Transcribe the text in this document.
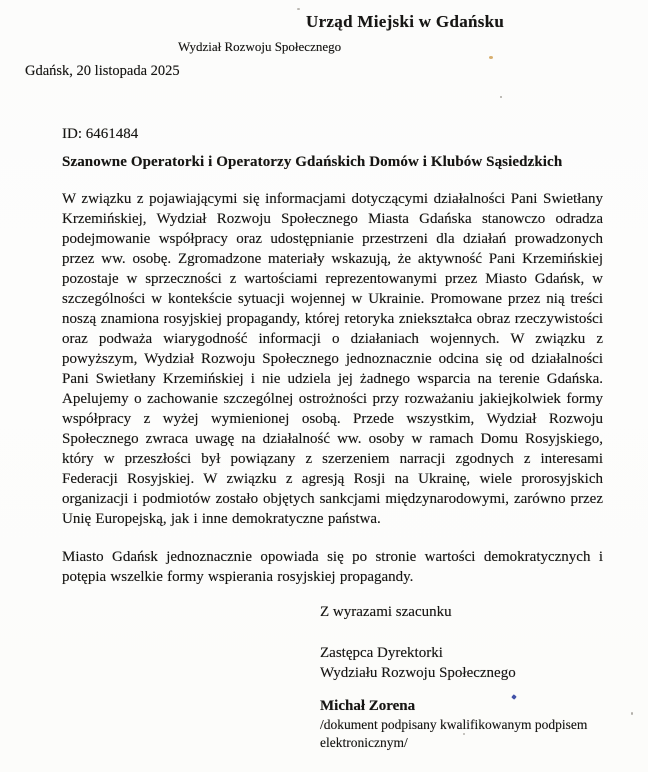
Urząd Miejski w Gdańsku
Wydział Rozwoju Społecznego
Gdańsk, 20 listopada 2025
ID: 6461484
Szanowne Operatorki i Operatorzy Gdańskich Domów i Klubów Sąsiedzkich

W związku z pojawiającymi się informacjami dotyczącymi działalności Pani Swietłany Krzemińskiej, Wydział Rozwoju Społecznego Miasta Gdańska stanowczo odradza podejmowanie współpracy oraz udostępnianie przestrzeni dla działań prowadzonych przez ww. osobę. Zgromadzone materiały wskazują, że aktywność Pani Krzemińskiej pozostaje w sprzeczności z wartościami reprezentowanymi przez Miasto Gdańsk, w szczególności w kontekście sytuacji wojennej w Ukrainie. Promowane przez nią treści noszą znamiona rosyjskiej propagandy, której retoryka zniekształca obraz rzeczywistości oraz podważa wiarygodność informacji o działaniach wojennych. W związku z powyższym, Wydział Rozwoju Społecznego jednoznacznie odcina się od działalności Pani Swietłany Krzemińskiej i nie udziela jej żadnego wsparcia na terenie Gdańska. Apelujemy o zachowanie szczególnej ostrożności przy rozważaniu jakiejkolwiek formy współpracy z wyżej wymienionej osobą. Przede wszystkim, Wydział Rozwoju Społecznego zwraca uwagę na działalność ww. osoby w ramach Domu Rosyjskiego, który w przeszłości był powiązany z szerzeniem narracji zgodnych z interesami Federacji Rosyjskiej. W związku z agresją Rosji na Ukrainę, wiele prorosyjskich organizacji i podmiotów zostało objętych sankcjami międzynarodowymi, zarówno przez Unię Europejską, jak i inne demokratyczne państwa.

Miasto Gdańsk jednoznacznie opowiada się po stronie wartości demokratycznych i potępia wszelkie formy wspierania rosyjskiej propagandy.

Z wyrazami szacunku
Zastępca Dyrektorki
Wydziału Rozwoju Społecznego
Michał Zorena
/dokument podpisany kwalifikowanym podpisem
elektronicznym/
